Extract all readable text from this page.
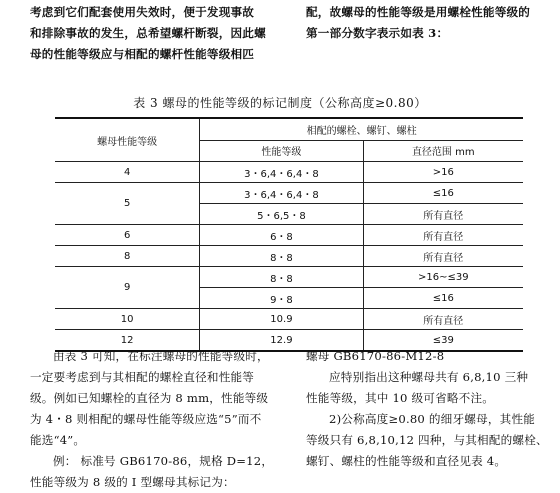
考虑到它们配套使用失效时，便于发现事故
和排除事故的发生，总希望螺杆断裂，因此螺
母的性能等级应与相配的螺杆性能等级相匹
配，故螺母的性能等级是用螺栓性能等级的
第一部分数字表示如表 3：
表 3 螺母的性能等级的标记制度（公称高度≥0.80）
螺母性能等级	相配的螺栓、螺钉、螺柱	
	性能等级	直径范围 mm
4	3・6,4・6,4・8	>16
5	3・6,4・6,4・8	≤16
	5・6,5・8	所有直径
6	6・8	所有直径
8	8・8	所有直径
9	8・8	>16~≤39
	9・8	≤16
10	10.9	所有直径
12	12.9	≤39
由表 3 可知，在标注螺母的性能等级时，
一定要考虑到与其相配的螺栓直径和性能等
级。例如已知螺栓的直径为 8 mm，性能等级
为 4・8 则相配的螺母性能等级应选“5”而不
能选“4”。
例： 标准号 GB6170-86，规格 D=12，
性能等级为 8 级的 I 型螺母其标记为：
螺母 GB6170-86-M12-8
应特别指出这种螺母共有 6,8,10 三种
性能等级，其中 10 级可省略不注。
2)公称高度≥0.80 的细牙螺母，其性能
等级只有 6,8,10,12 四种，与其相配的螺栓、
螺钉、螺柱的性能等级和直径见表 4。
